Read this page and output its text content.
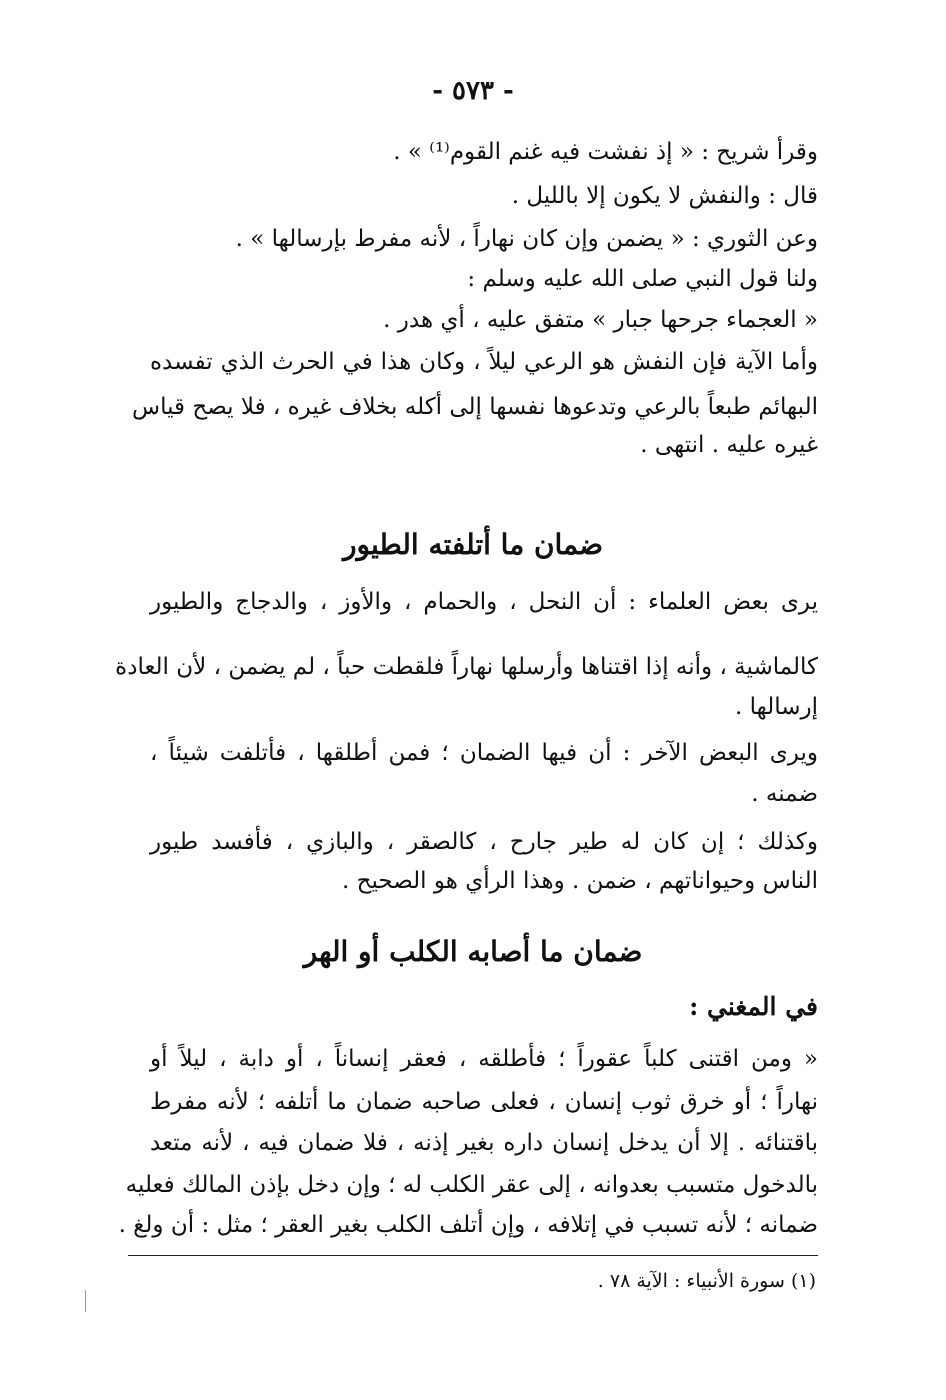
- ٥٧٣ -
وقرأ شريح : « إذ نفشت فيه غنم القوم⁽¹⁾ » .
قال : والنفش لا يكون إلا بالليل .
وعن الثوري : « يضمن وإن كان نهاراً ، لأنه مفرط بإرسالها » .
ولنا قول النبي صلى الله عليه وسلم :
« العجماء جرحها جبار » متفق عليه ، أي هدر .
وأما الآية فإن النفش هو الرعي ليلاً ، وكان هذا في الحرث الذي تفسده
البهائم طبعاً بالرعي وتدعوها نفسها إلى أكله بخلاف غيره ، فلا يصح قياس
غيره عليه . انتهى .
ضمان ما أتلفته الطيور
يرى بعض العلماء : أن النحل ، والحمام ، والأوز ، والدجاج والطيور
كالماشية ، وأنه إذا اقتناها وأرسلها نهاراً فلقطت حباً ، لم يضمن ، لأن العادة
إرسالها .
ويرى البعض الآخر : أن فيها الضمان ؛ فمن أطلقها ، فأتلفت شيئاً ،
ضمنه .
وكذلك ؛ إن كان له طير جارح ، كالصقر ، والبازي ، فأفسد طيور
الناس وحيواناتهم ، ضمن . وهذا الرأي هو الصحيح .
ضمان ما أصابه الكلب أو الهر
في المغني :
« ومن اقتنى كلباً عقوراً ؛ فأطلقه ، فعقر إنساناً ، أو دابة ، ليلاً أو
نهاراً ؛ أو خرق ثوب إنسان ، فعلى صاحبه ضمان ما أتلفه ؛ لأنه مفرط
باقتنائه . إلا أن يدخل إنسان داره بغير إذنه ، فلا ضمان فيه ، لأنه متعد
بالدخول متسبب بعدوانه ، إلى عقر الكلب له ؛ وإن دخل بإذن المالك فعليه
ضمانه ؛ لأنه تسبب في إتلافه ، وإن أتلف الكلب بغير العقر ؛ مثل : أن ولغ .
(١) سورة الأنبياء : الآية ٧٨ .
